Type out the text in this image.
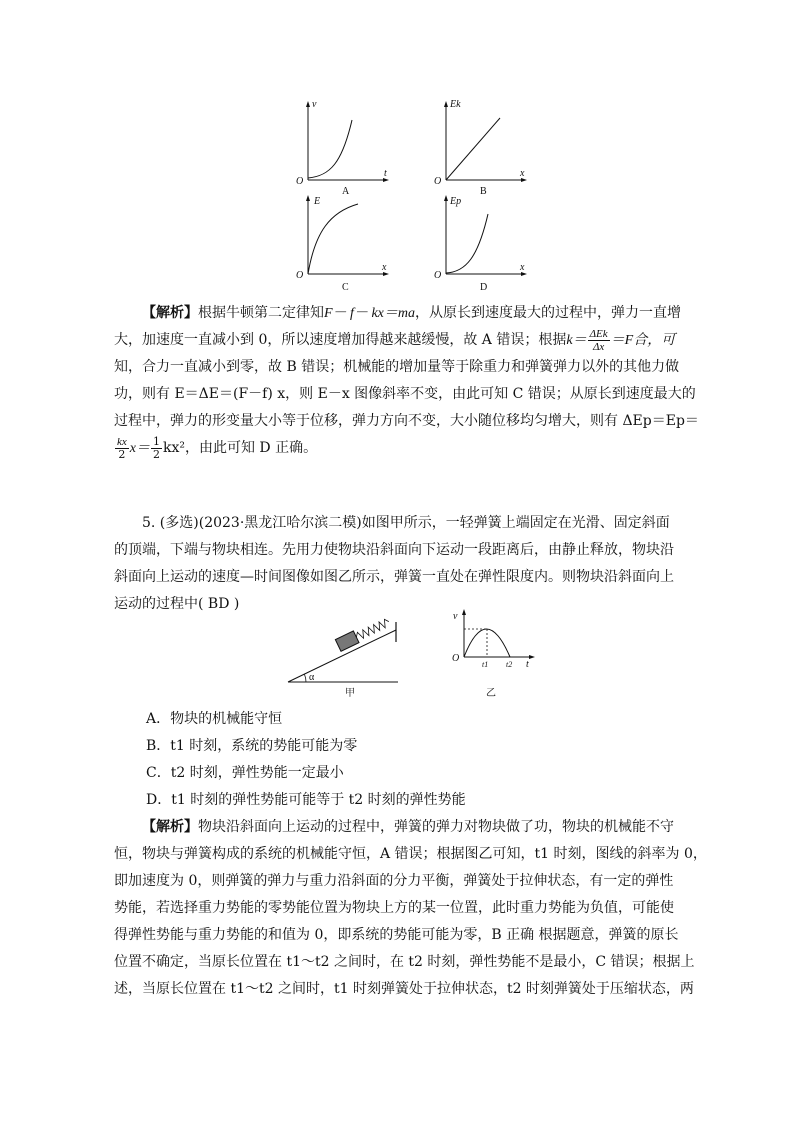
v
t
O
A
Ek
x
O
B
E
x
O
C
Ep
x
O
D
【解析】根据牛顿第二定律知F－ f－ kx＝ma，从原长到速度最大的过程中，弹力一直增
大，加速度一直减小到 0，所以速度增加得越来越缓慢，故 A 错误；根据$k= \frac{\text{ΔEk}}{\Delta x} =F$合，可
知，合力一直减小到零，故 B 错误；机械能的增加量等于除重力和弹簧弹力以外的其他力做
功，则有 E＝ΔE＝(F－f) x，则 E－x 图像斜率不变，由此可知 C 错误；从原长到速度最大的
过程中，弹力的形变量大小等于位移，弹力方向不变，大小随位移均匀增大，则有 ΔEp＝Ep＝
$\frac{kx}{2} x= \frac{1}{2} kx^2$，由此可知 D 正确。
5. (多选)(2023·黑龙江哈尔滨二模)如图甲所示，一轻弹簧上端固定在光滑、固定斜面
的顶端，下端与物块相连。先用力使物块沿斜面向下运动一段距离后，由静止释放，物块沿
斜面向上运动的速度—时间图像如图乙所示，弹簧一直处在弹性限度内。则物块沿斜面向上
运动的过程中( BD )
α
甲
v
O
t1 t2 t
乙
A．物块的机械能守恒
B．t1 时刻，系统的势能可能为零
C．t2 时刻，弹性势能一定最小
D．t1 时刻的弹性势能可能等于 t2 时刻的弹性势能
【解析】物块沿斜面向上运动的过程中，弹簧的弹力对物块做了功，物块的机械能不守
恒，物块与弹簧构成的系统的机械能守恒，A 错误；根据图乙可知，t1 时刻，图线的斜率为 0，
即加速度为 0，则弹簧的弹力与重力沿斜面的分力平衡，弹簧处于拉伸状态，有一定的弹性
势能，若选择重力势能的零势能位置为物块上方的某一位置，此时重力势能为负值，可能使
得弹性势能与重力势能的和值为 0，即系统的势能可能为零，B 正确 根据题意，弹簧的原长
位置不确定，当原长位置在 t1～t2 之间时，在 t2 时刻，弹性势能不是最小，C 错误；根据上
述，当原长位置在 t1～t2 之间时，t1 时刻弹簧处于拉伸状态，t2 时刻弹簧处于压缩状态，两
